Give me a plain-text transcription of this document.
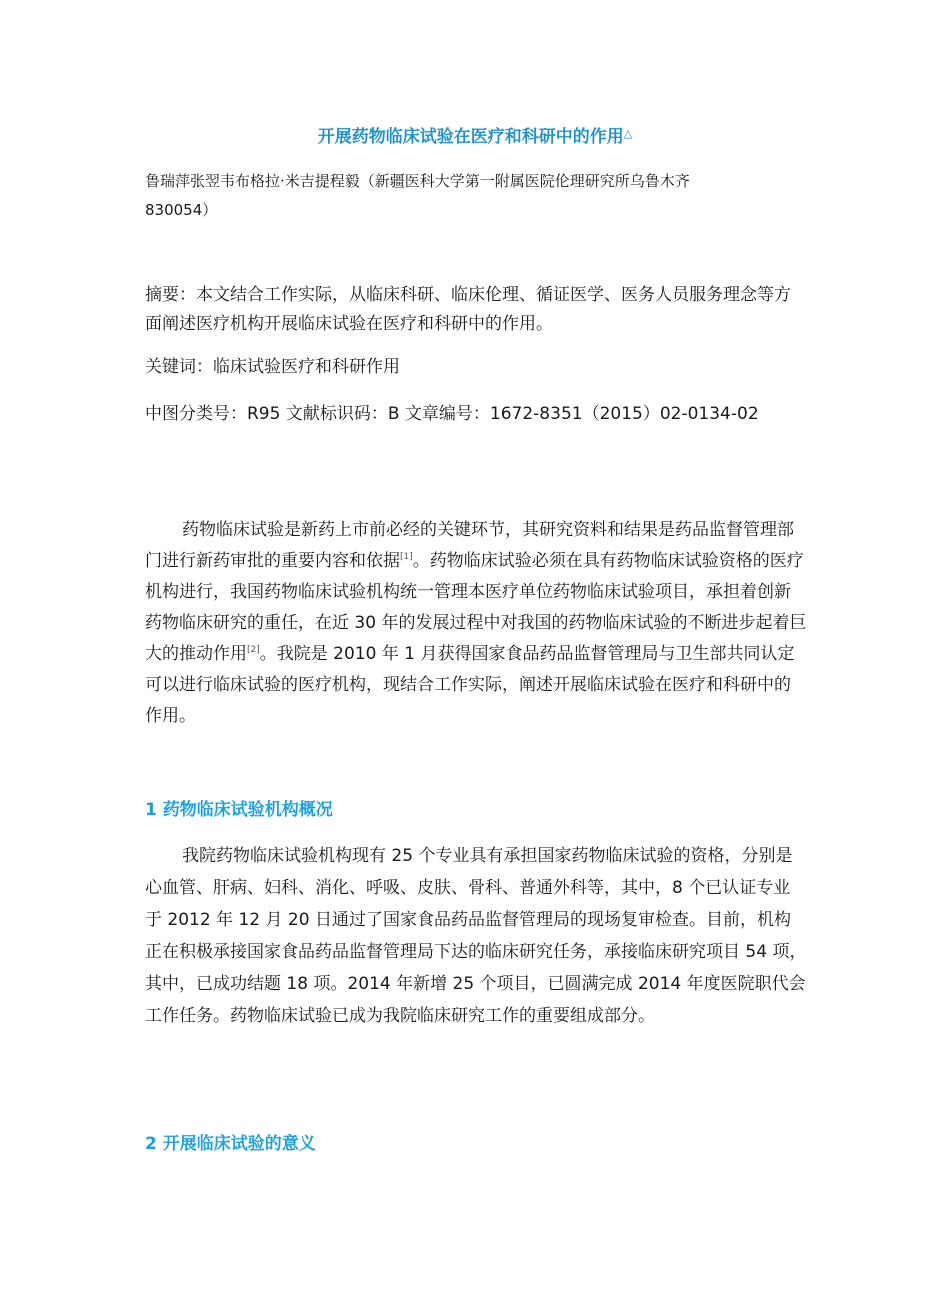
开展药物临床试验在医疗和科研中的作用△
鲁瑞萍张翌韦布格拉·米吉提程毅（新疆医科大学第一附属医院伦理研究所乌鲁木齐
830054）

摘要：本文结合工作实际，从临床科研、临床伦理、循证医学、医务人员服务理念等方面阐述医疗机构开展临床试验在医疗和科研中的作用。

关键词：临床试验医疗和科研作用

中图分类号：R95 文献标识码：B 文章编号：1672-8351（2015）02-0134-02

药物临床试验是新药上市前必经的关键环节，其研究资料和结果是药品监督管理部门进行新药审批的重要内容和依据[1]。药物临床试验必须在具有药物临床试验资格的医疗机构进行，我国药物临床试验机构统一管理本医疗单位药物临床试验项目，承担着创新药物临床研究的重任，在近 30 年的发展过程中对我国的药物临床试验的不断进步起着巨大的推动作用[2]。我院是 2010 年 1 月获得国家食品药品监督管理局与卫生部共同认定可以进行临床试验的医疗机构，现结合工作实际，阐述开展临床试验在医疗和科研中的作用。

1 药物临床试验机构概况

我院药物临床试验机构现有 25 个专业具有承担国家药物临床试验的资格，分别是心血管、肝病、妇科、消化、呼吸、皮肤、骨科、普通外科等，其中，8 个已认证专业于 2012 年 12 月 20 日通过了国家食品药品监督管理局的现场复审检查。目前，机构正在积极承接国家食品药品监督管理局下达的临床研究任务，承接临床研究项目 54 项，其中，已成功结题 18 项。2014 年新增 25 个项目，已圆满完成 2014 年度医院职代会工作任务。药物临床试验已成为我院临床研究工作的重要组成部分。

2 开展临床试验的意义
